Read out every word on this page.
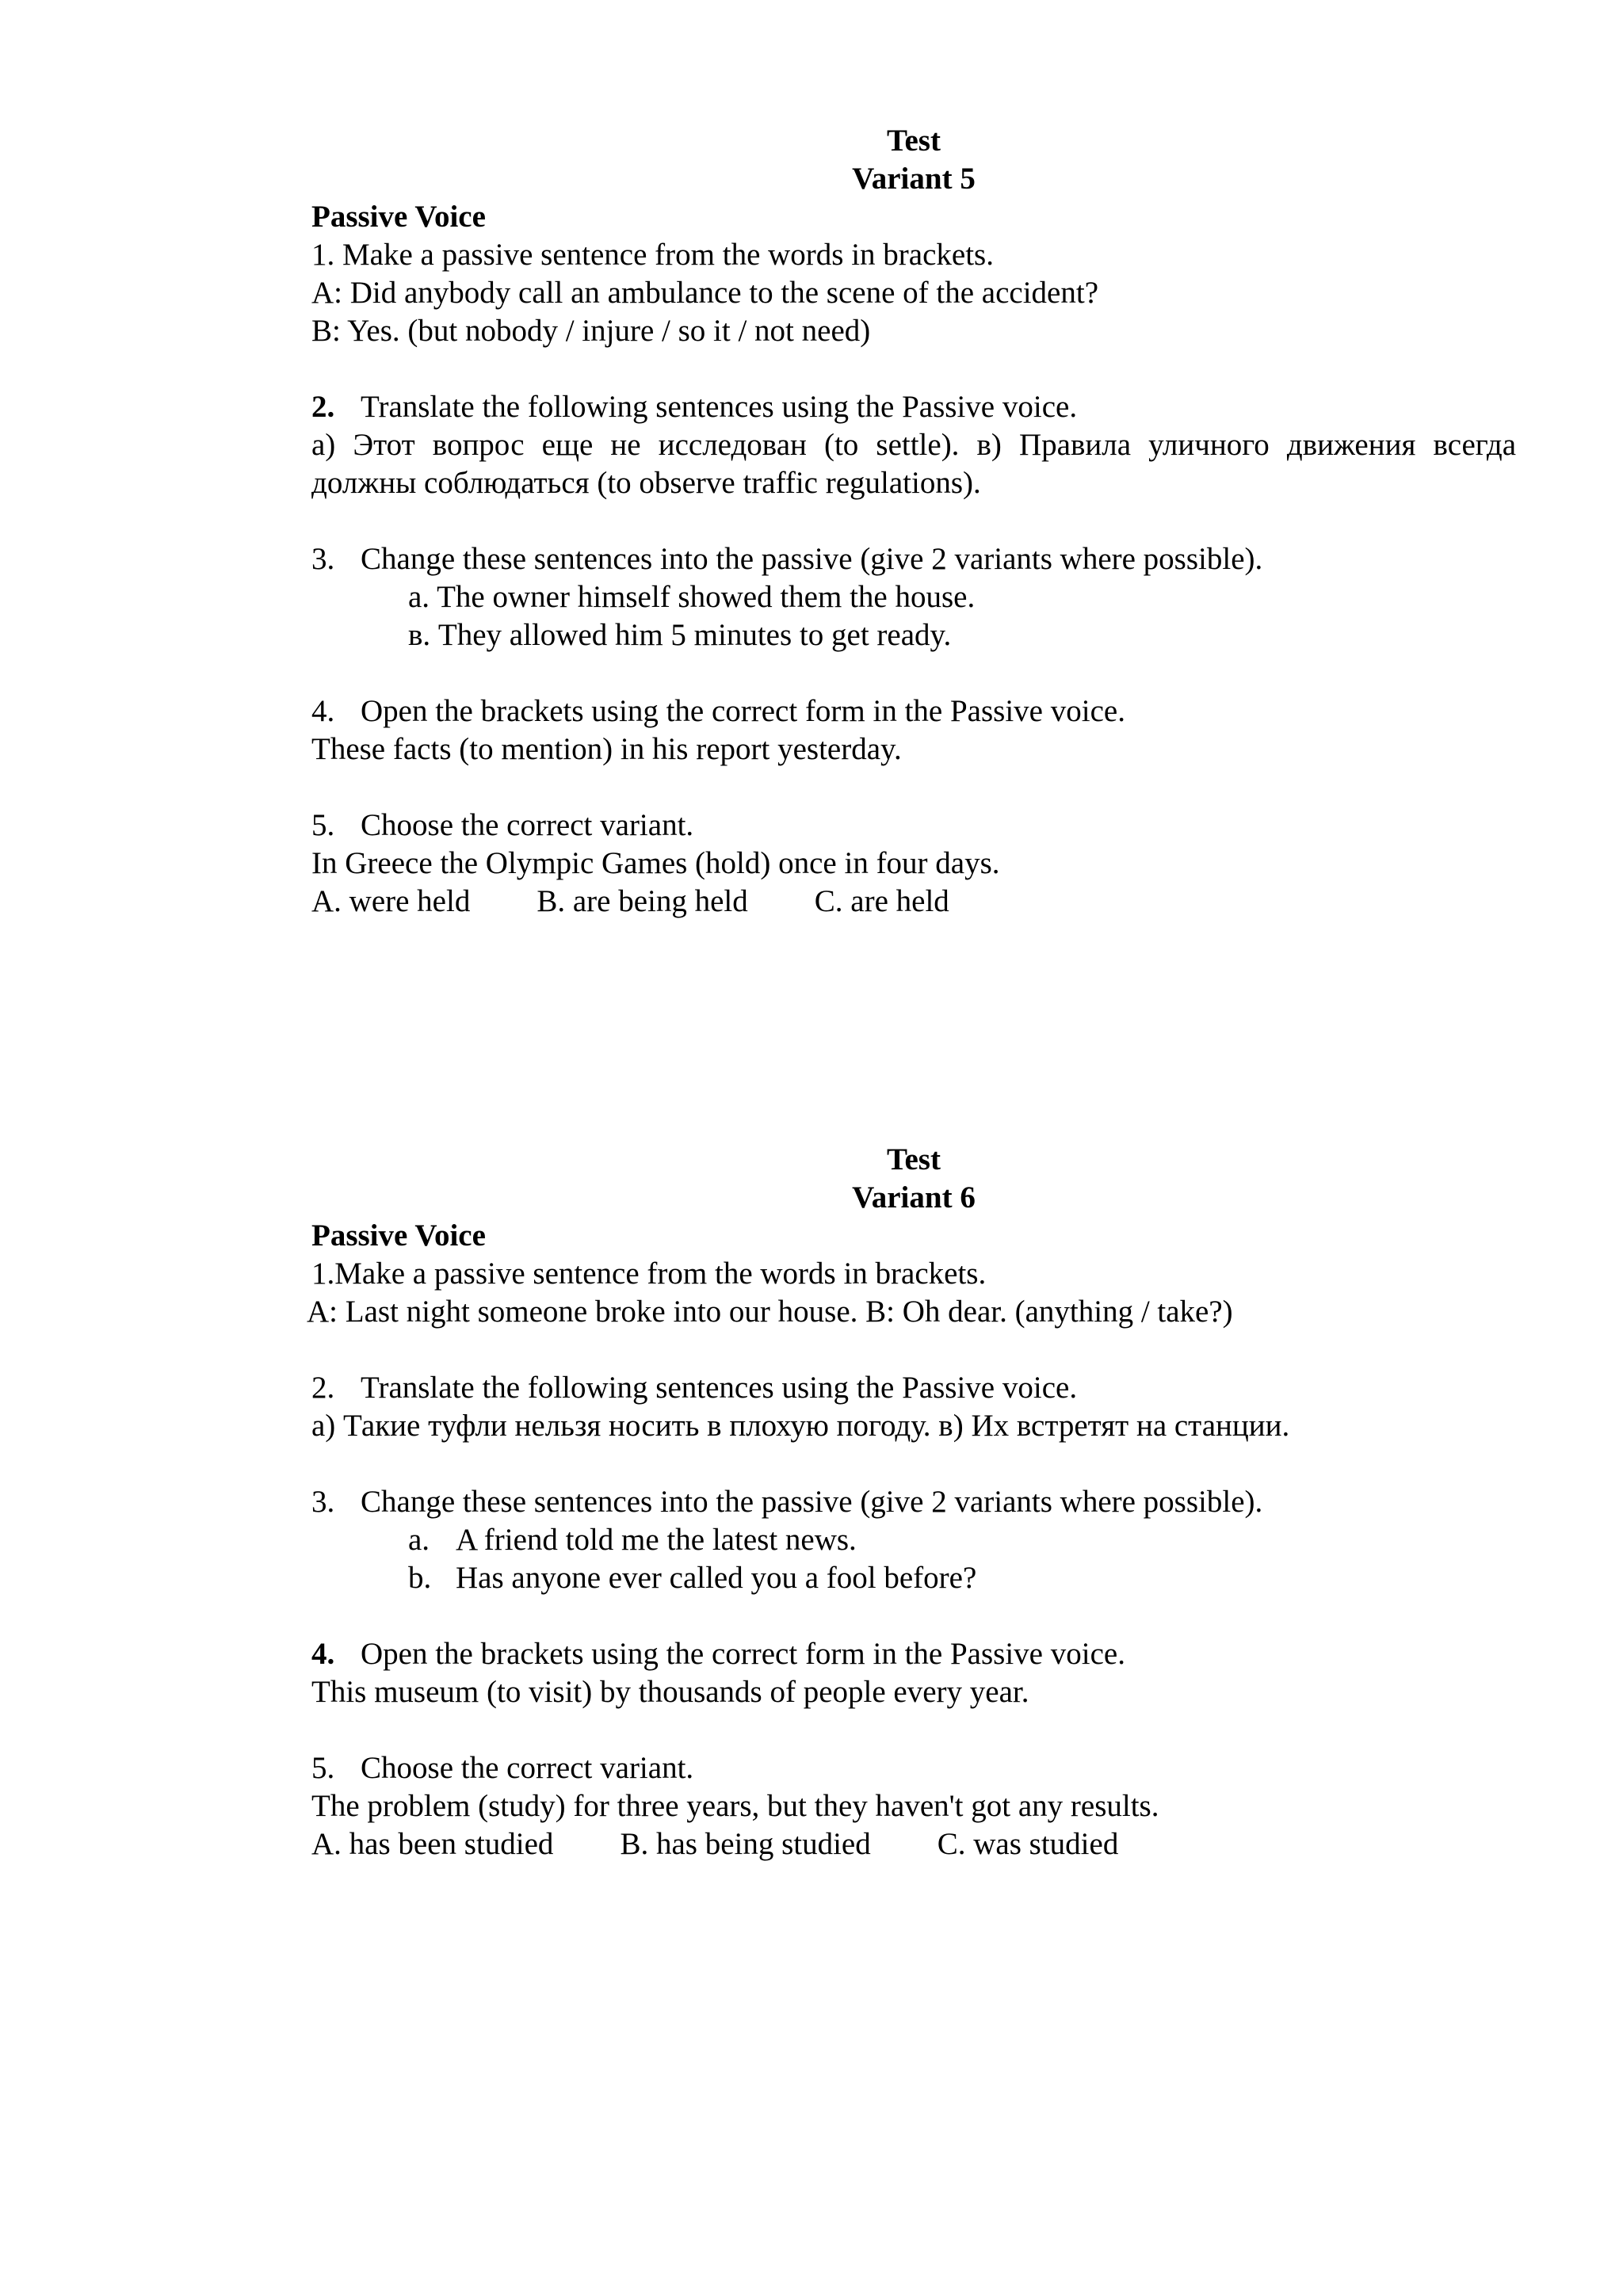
Test
Variant 5
Passive Voice
1. Make a passive sentence from the words in brackets.
A: Did anybody call an ambulance to the scene of the accident?
B: Yes. (but nobody / injure / so it / not need)
2. Translate the following sentences using the Passive voice.
а) Этот вопрос еще не исследован (to settle). в) Правила уличного движения всегда
должны соблюдаться (to observe traffic regulations).
3. Change these sentences into the passive (give 2 variants where possible).
a. The owner himself showed them the house.
в. They allowed him 5 minutes to get ready.
4. Open the brackets using the correct form in the Passive voice.
These facts (to mention) in his report yesterday.
5. Choose the correct variant.
In Greece the Olympic Games (hold) once in four days.
A. were held B. are being held C. are held
Test
Variant 6
Passive Voice
1.Make a passive sentence from the words in brackets.
A: Last night someone broke into our house. B: Oh dear. (anything / take?)
2. Translate the following sentences using the Passive voice.
а) Такие туфли нельзя носить в плохую погоду. в) Их встретят на станции.
3. Change these sentences into the passive (give 2 variants where possible).
a. A friend told me the latest news.
b. Has anyone ever called you a fool before?
4. Open the brackets using the correct form in the Passive voice.
This museum (to visit) by thousands of people every year.
5. Choose the correct variant.
The problem (study) for three years, but they haven't got any results.
A. has been studied B. has being studied C. was studied
